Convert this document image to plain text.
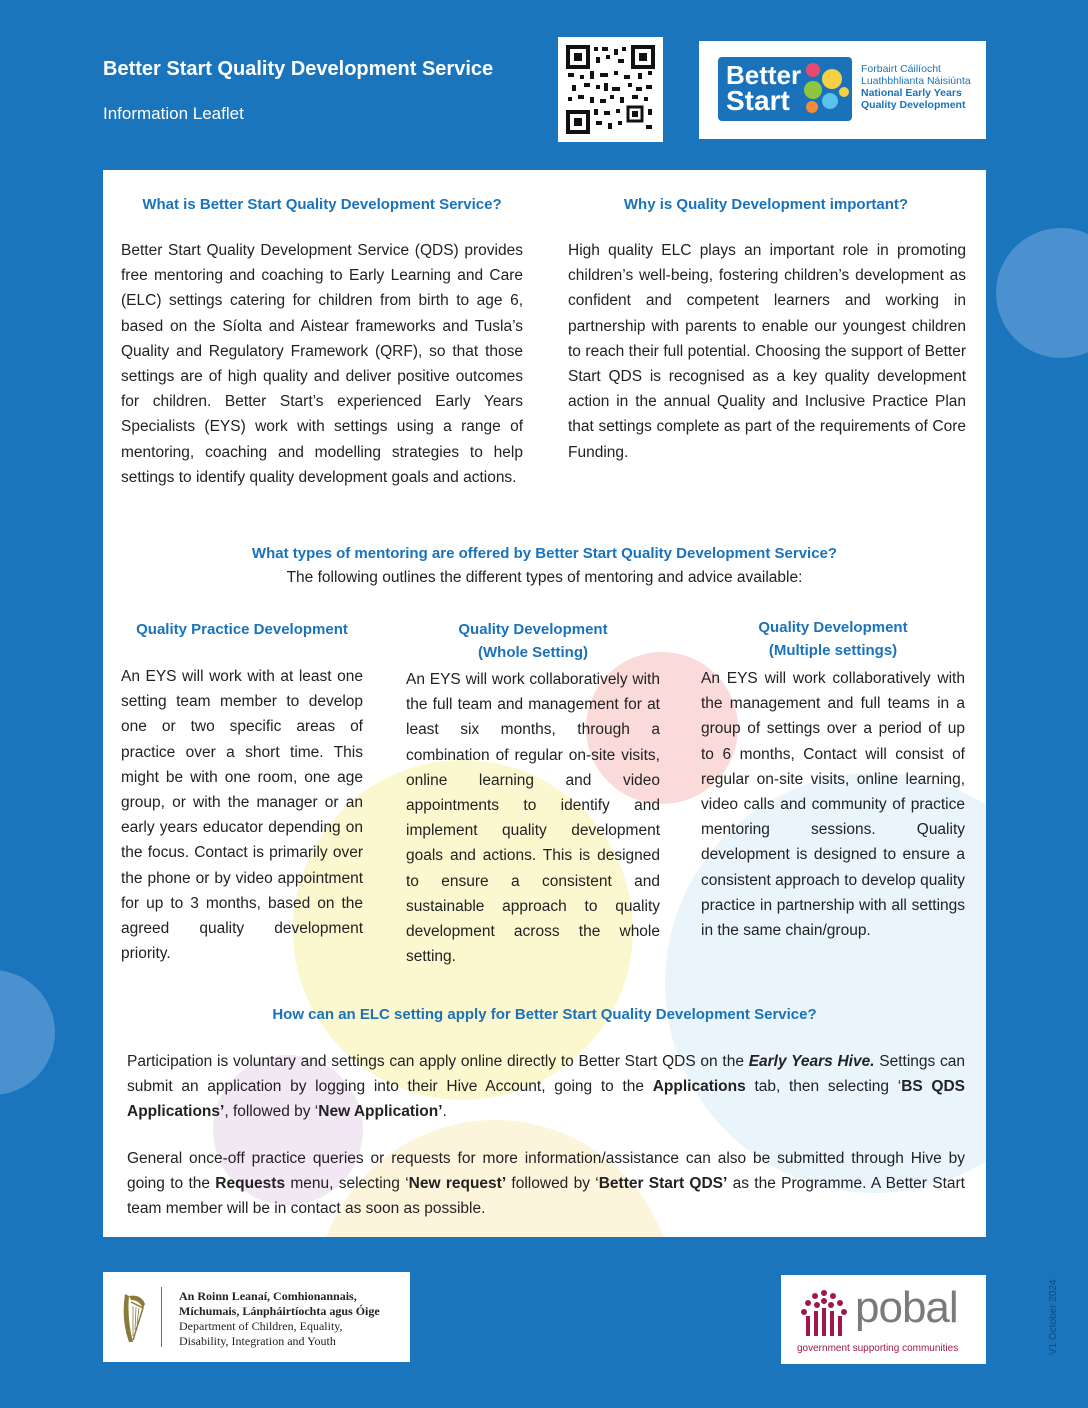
Better Start Quality Development Service
Information Leaflet
Better
Start
Forbairt Cáilíocht
Luathbhlianta Náisiúnta
National Early Years
Quality Development
What is Better Start Quality Development Service?
Better Start Quality Development Service (QDS) provides free mentoring and coaching to Early Learning and Care (ELC) settings catering for children from birth to age 6, based on the Síolta and Aistear frameworks and Tusla’s Quality and Regulatory Framework (QRF), so that those settings are of high quality and deliver positive outcomes for children. Better Start’s experienced Early Years Specialists (EYS) work with settings using a range of mentoring, coaching and modelling strategies to help settings to identify quality development goals and actions.
Why is Quality Development important?
High quality ELC plays an important role in promoting children’s well-being, fostering children’s development as confident and competent learners and working in partnership with parents to enable our youngest children to reach their full potential. Choosing the support of Better Start QDS is recognised as a key quality development action in the annual Quality and Inclusive Practice Plan that settings complete as part of the requirements of Core Funding.
What types of mentoring are offered by Better Start Quality Development Service?
The following outlines the different types of mentoring and advice available:
Quality Practice Development
An EYS will work with at least one setting team member to develop one or two specific areas of practice over a short time. This might be with one room, one age group, or with the manager or an early years educator depending on the focus. Contact is primarily over the phone or by video appointment for up to 3 months, based on the agreed quality development priority.
Quality Development
(Whole Setting)
An EYS will work collaboratively with the full team and management for at least six months, through a combination of regular on-site visits, online learning and video appointments to identify and implement quality development goals and actions. This is designed to ensure a consistent and sustainable approach to quality development across the whole setting.
Quality Development
(Multiple settings)
An EYS will work collaboratively with the management and full teams in a group of settings over a period of up to 6 months, Contact will consist of regular on-site visits, online learning, video calls and community of practice mentoring sessions. Quality development is designed to ensure a consistent approach to develop quality practice in partnership with all settings in the same chain/group.
How can an ELC setting apply for Better Start Quality Development Service?
Participation is voluntary and settings can apply online directly to Better Start QDS on the Early Years Hive. Settings can submit an application by logging into their Hive Account, going to the Applications tab, then selecting ‘BS QDS Applications’, followed by ‘New Application’.
General once-off practice queries or requests for more information/assistance can also be submitted through Hive by going to the Requests menu, selecting ‘New request’ followed by ‘Better Start QDS’ as the Programme. A Better Start team member will be in contact as soon as possible.
An Roinn Leanaí, Comhionannais,
Míchumais, Lánpháirtíochta agus Óige
Department of Children, Equality,
Disability, Integration and Youth
pobal
government supporting communities	V1 October 2024
